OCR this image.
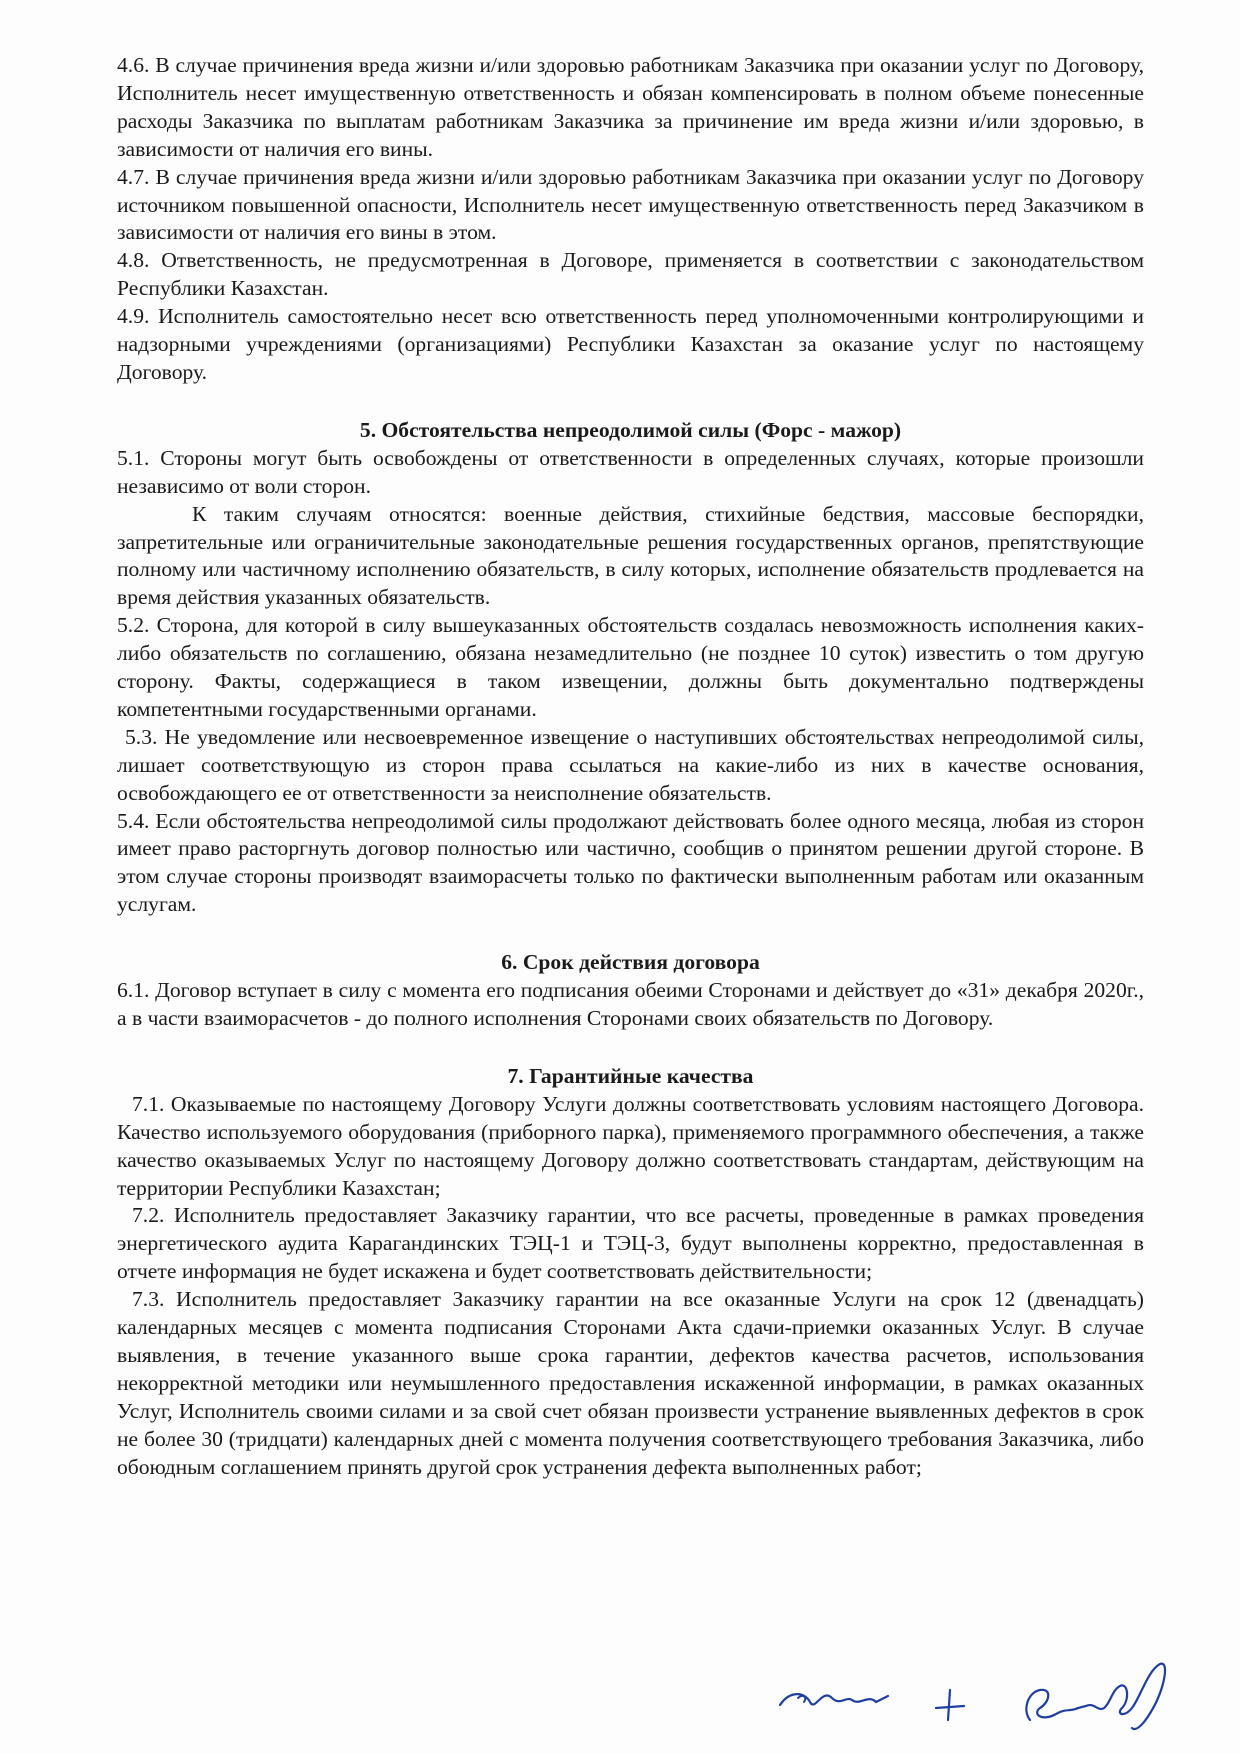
4.6. В случае причинения вреда жизни и/или здоровью работникам Заказчика при оказании услуг по Договору, Исполнитель несет имущественную ответственность и обязан компенсировать в полном объеме понесенные расходы Заказчика по выплатам работникам Заказчика за причинение им вреда жизни и/или здоровью, в зависимости от наличия его вины.

4.7. В случае причинения вреда жизни и/или здоровью работникам Заказчика при оказании услуг по Договору источником повышенной опасности, Исполнитель несет имущественную ответственность перед Заказчиком в зависимости от наличия его вины в этом.

4.8. Ответственность, не предусмотренная в Договоре, применяется в соответствии с законодательством Республики Казахстан.

4.9. Исполнитель самостоятельно несет всю ответственность перед уполномоченными контролирующими и надзорными учреждениями (организациями) Республики Казахстан за оказание услуг по настоящему Договору.

5. Обстоятельства непреодолимой силы (Форс - мажор)

5.1. Стороны могут быть освобождены от ответственности в определенных случаях, которые произошли независимо от воли сторон.

К таким случаям относятся: военные действия, стихийные бедствия, массовые беспорядки, запретительные или ограничительные законодательные решения государственных органов, препятствующие полному или частичному исполнению обязательств, в силу которых, исполнение обязательств продлевается на время действия указанных обязательств.

5.2. Сторона, для которой в силу вышеуказанных обстоятельств создалась невозможность исполнения каких-либо обязательств по соглашению, обязана незамедлительно (не позднее 10 суток) известить о том другую сторону. Факты, содержащиеся в таком извещении, должны быть документально подтверждены компетентными государственными органами.

5.3. Не уведомление или несвоевременное извещение о наступивших обстоятельствах непреодолимой силы, лишает соответствующую из сторон права ссылаться на какие-либо из них в качестве основания, освобождающего ее от ответственности за неисполнение обязательств.

5.4. Если обстоятельства непреодолимой силы продолжают действовать более одного месяца, любая из сторон имеет право расторгнуть договор полностью или частично, сообщив о принятом решении другой стороне. В этом случае стороны производят взаиморасчеты только по фактически выполненным работам или оказанным услугам.

6. Срок действия договора

6.1. Договор вступает в силу с момента его подписания обеими Сторонами и действует до «31» декабря 2020г., а в части взаиморасчетов - до полного исполнения Сторонами своих обязательств по Договору.

7. Гарантийные качества

7.1. Оказываемые по настоящему Договору Услуги должны соответствовать условиям настоящего Договора. Качество используемого оборудования (приборного парка), применяемого программного обеспечения, а также качество оказываемых Услуг по настоящему Договору должно соответствовать стандартам, действующим на территории Республики Казахстан;

7.2. Исполнитель предоставляет Заказчику гарантии, что все расчеты, проведенные в рамках проведения энергетического аудита Карагандинских ТЭЦ-1 и ТЭЦ-3, будут выполнены корректно, предоставленная в отчете информация не будет искажена и будет соответствовать действительности;

7.3. Исполнитель предоставляет Заказчику гарантии на все оказанные Услуги на срок 12 (двенадцать) календарных месяцев с момента подписания Сторонами Акта сдачи-приемки оказанных Услуг. В случае выявления, в течение указанного выше срока гарантии, дефектов качества расчетов, использования некорректной методики или неумышленного предоставления искаженной информации, в рамках оказанных Услуг, Исполнитель своими силами и за свой счет обязан произвести устранение выявленных дефектов в срок не более 30 (тридцати) календарных дней с момента получения соответствующего требования Заказчика, либо обоюдным соглашением принять другой срок устранения дефекта выполненных работ;
